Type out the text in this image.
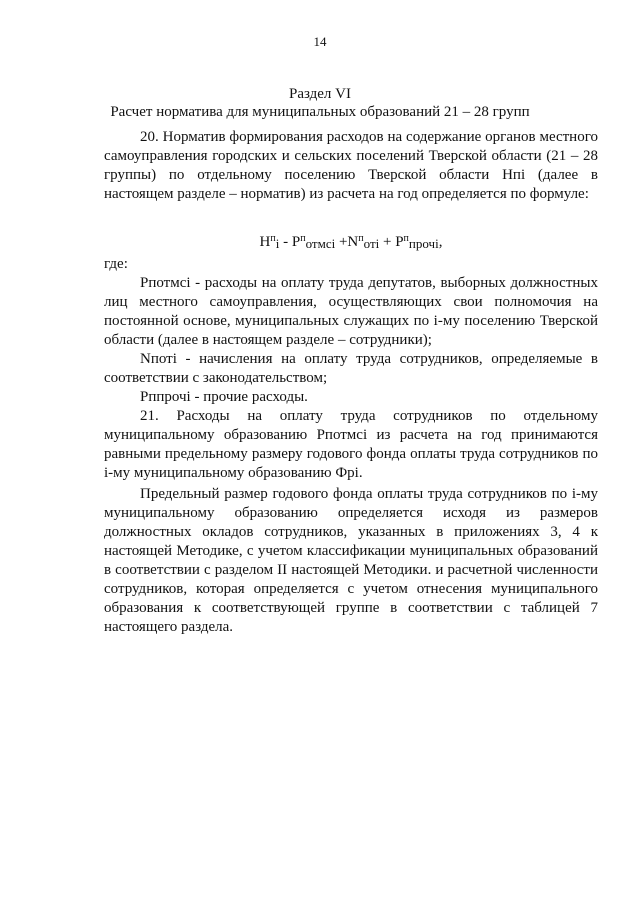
14
Раздел VI
Расчет норматива для муниципальных образований 21 – 28 групп

20. Норматив формирования расходов на содержание органов местного самоуправления городских и сельских поселений Тверской области (21 – 28 группы) по отдельному поселению Тверской области Нпі (далее в настоящем разделе – норматив) из расчета на год определяется по формуле:

$Н^п_і - Р^п_{отмсі} +N^п_{оті} + Р^п_{прочі}$,

где:

Рпотмсі - расходы на оплату труда депутатов, выборных должностных лиц местного самоуправления, осуществляющих свои полномочия на постоянной основе, муниципальных служащих по і-му поселению Тверской области (далее в настоящем разделе – сотрудники);

Nпоті - начисления на оплату труда сотрудников, определяемые в соответствии с законодательством;

Рппрочі - прочие расходы.

21. Расходы на оплату труда сотрудников по отдельному муниципальному образованию Рпотмсі из расчета на год принимаются равными предельному размеру годового фонда оплаты труда сотрудников по і-му муниципальному образованию Фрі.

Предельный размер годового фонда оплаты труда сотрудников по і-му муниципальному образованию определяется исходя из размеров должностных окладов сотрудников, указанных в приложениях 3, 4 к настоящей Методике, с учетом классификации муниципальных образований в соответствии с разделом II настоящей Методики. и расчетной численности сотрудников, которая определяется с учетом отнесения муниципального образования к соответствующей группе в соответствии с таблицей 7 настоящего раздела.
